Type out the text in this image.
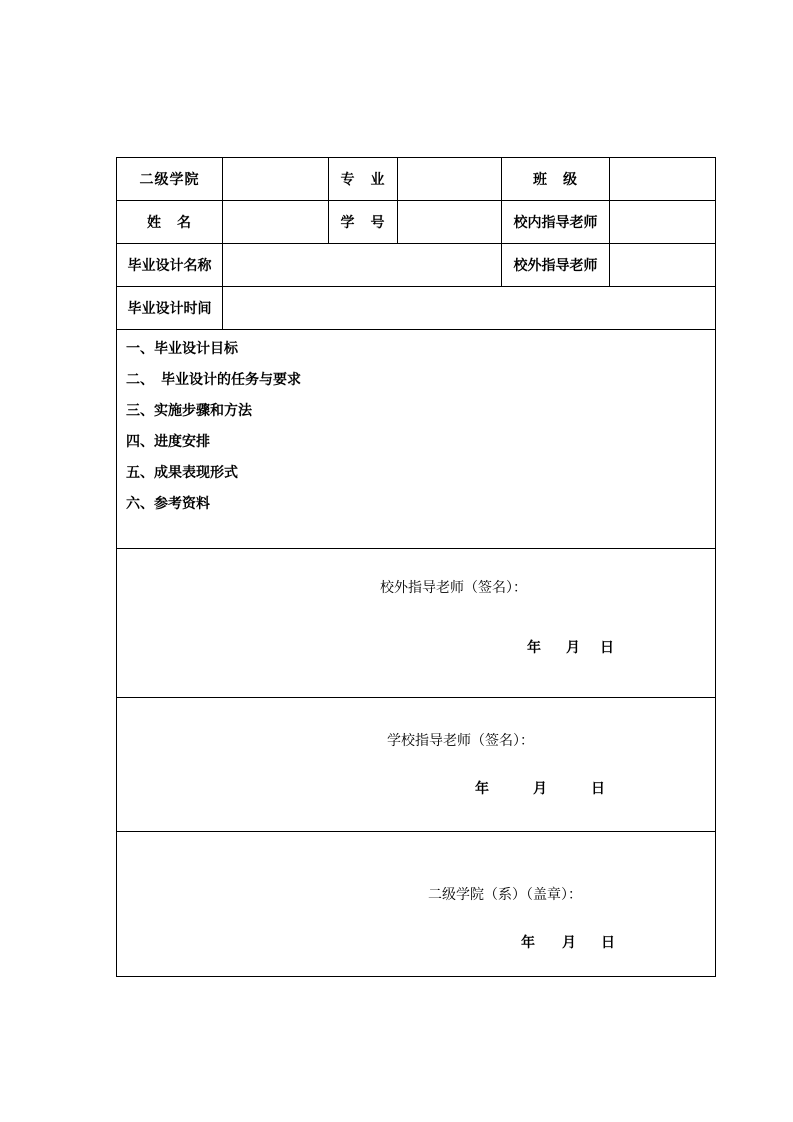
二级学院	专　业	班　级
姓　名	学　号	校内指导老师
毕业设计名称	校外指导老师
毕业设计时间
一、毕业设计目标
二、　毕业设计的任务与要求
三、实施步骤和方法
四、进度安排
五、成果表现形式
六、参考资料
校外指导老师（签名）：
年 月 日
学校指导老师（签名）：
年	月	日
二级学院（系）（盖章）：
年 月 日
